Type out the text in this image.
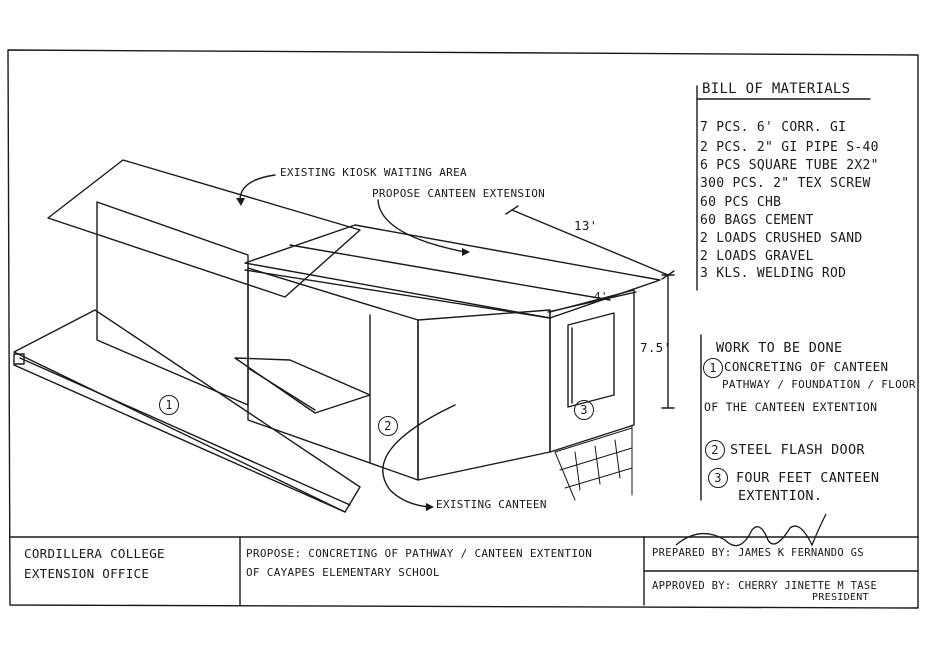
EXISTING KIOSK WAITING AREA
PROPOSE CANTEEN EXTENSION
EXISTING CANTEEN
13'
7.5'
4'
1
2
3
BILL OF MATERIALS
7 PCS. 6' CORR. GI
2 PCS. 2" GI PIPE S-40
6 PCS SQUARE TUBE 2X2"
300 PCS. 2" TEX SCREW
60 PCS CHB
60 BAGS CEMENT
2 LOADS CRUSHED SAND
2 LOADS GRAVEL
3 KLS. WELDING ROD
WORK TO BE DONE
1 CONCRETING OF CANTEEN
PATHWAY / FOUNDATION / FLOOR
OF THE CANTEEN EXTENTION
2 STEEL FLASH DOOR
3	FOUR FEET CANTEEN
EXTENTION.
CORDILLERA COLLEGE
EXTENSION OFFICE
PROPOSE: CONCRETING OF PATHWAY / CANTEEN EXTENTION
OF CAYAPES ELEMENTARY SCHOOL
PREPARED BY: JAMES K FERNANDO GS
APPROVED BY: CHERRY JINETTE M TASE
PRESIDENT
